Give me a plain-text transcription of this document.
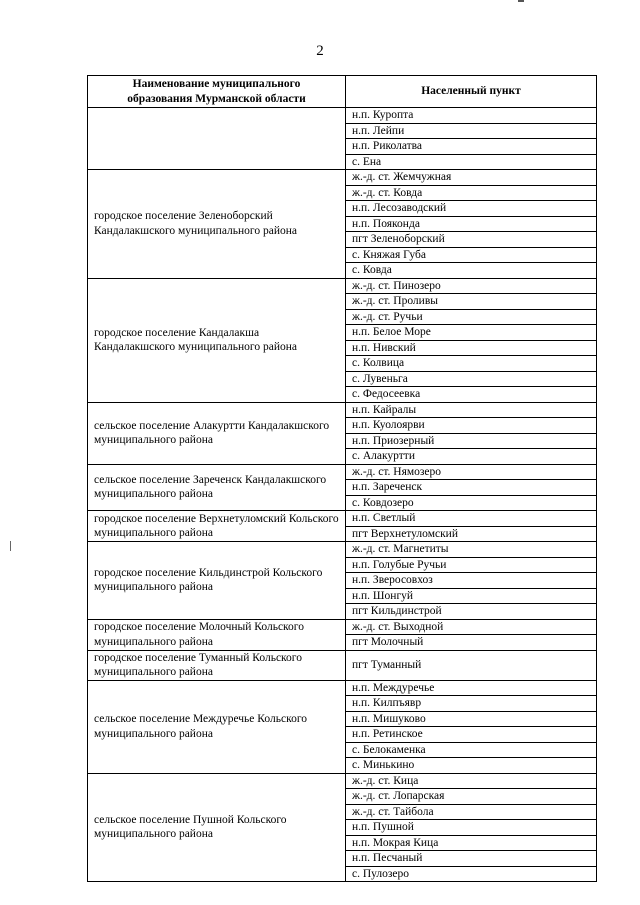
2
Наименование муниципального
образования Мурманской области	Населенный пункт
	н.п. Куропта
	н.п. Лейпи
	н.п. Риколатва
	с. Ена
городское поселение Зеленоборский Кандалакшского муниципального района	ж.-д. ст. Жемчужная
	ж.-д. ст. Ковда
	н.п. Лесозаводский
	н.п. Пояконда
	пгт Зеленоборский
	с. Княжая Губа
	с. Ковда
городское поселение Кандалакша Кандалакшского муниципального района	ж.-д. ст. Пинозеро
	ж.-д. ст. Проливы
	ж.-д. ст. Ручьи
	н.п. Белое Море
	н.п. Нивский
	с. Колвица
	с. Лувеньга
	с. Федосеевка
сельское поселение Алакуртти Кандалакшского муниципального района	н.п. Кайралы
	н.п. Куолоярви
	н.п. Приозерный
	с. Алакуртти
сельское поселение Зареченск Кандалакшского муниципального района	ж.-д. ст. Нямозеро
	н.п. Зареченск
	с. Ковдозеро
городское поселение Верхнетуломский Кольского муниципального района	н.п. Светлый
	пгт Верхнетуломский
городское поселение Кильдинстрой Кольского муниципального района	ж.-д. ст. Магнетиты
	н.п. Голубые Ручьи
	н.п. Зверосовхоз
	н.п. Шонгуй
	пгт Кильдинстрой
городское поселение Молочный Кольского муниципального района	ж.-д. ст. Выходной
	пгт Молочный
городское поселение Туманный Кольского муниципального района	пгт Туманный
сельское поселение Междуречье Кольского муниципального района	н.п. Междуречье
	н.п. Килпъявр
	н.п. Мишуково
	н.п. Ретинское
	с. Белокаменка
	с. Минькино
сельское поселение Пушной Кольского муниципального района	ж.-д. ст. Кица
	ж.-д. ст. Лопарская
	ж.-д. ст. Тайбола
	н.п. Пушной
	н.п. Мокрая Кица
	н.п. Песчаный
	с. Пулозеро
